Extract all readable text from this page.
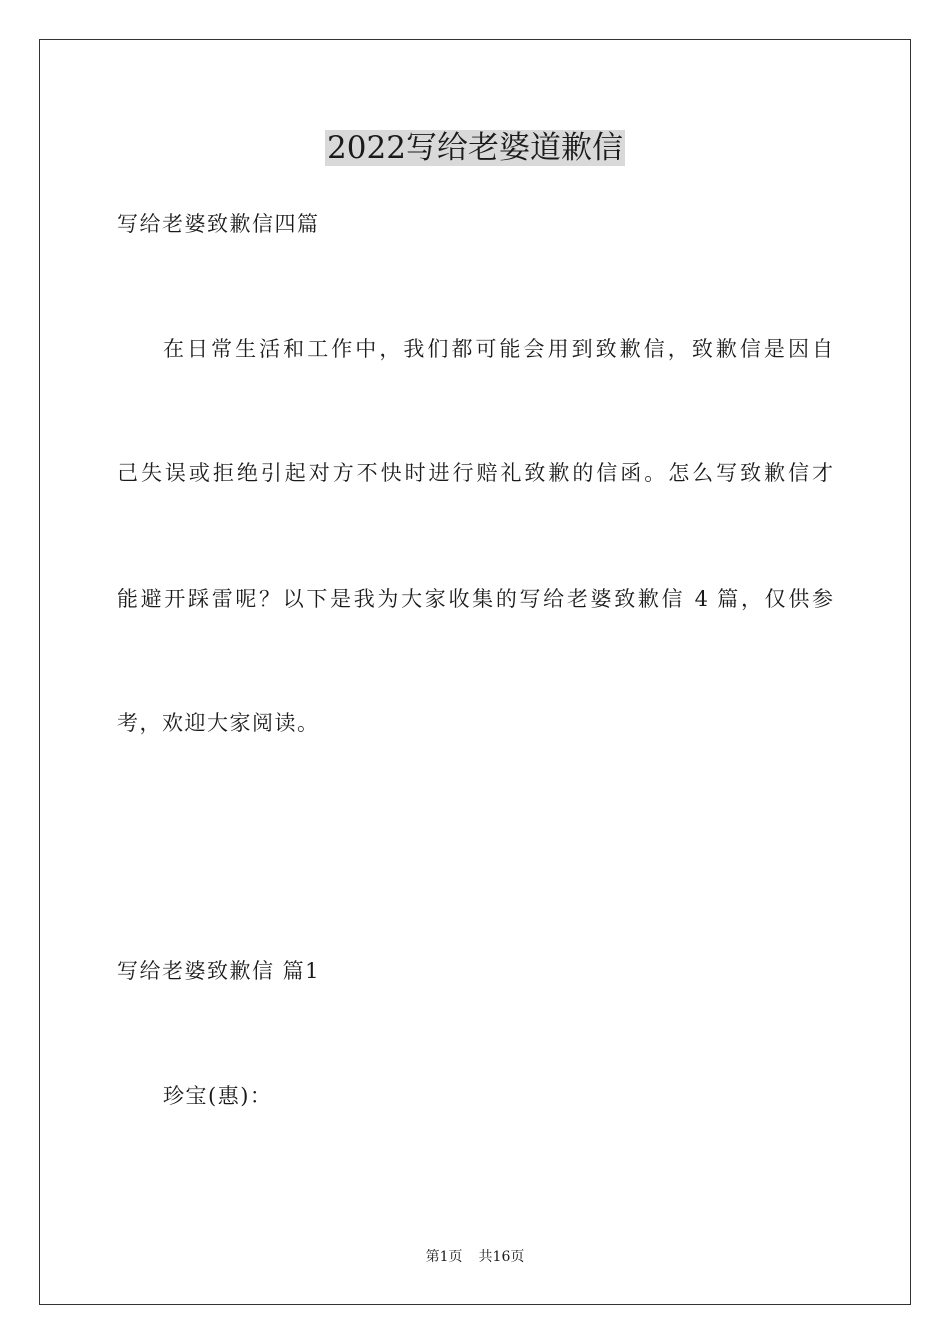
2022写给老婆道歉信
写给老婆致歉信四篇
在日常生活和工作中，我们都可能会用到致歉信，致歉信是因自
己失误或拒绝引起对方不快时进行赔礼致歉的信函。怎么写致歉信才
能避开踩雷呢？以下是我为大家收集的写给老婆致歉信 4 篇，仅供参
考，欢迎大家阅读。
写给老婆致歉信 篇1
珍宝(惠)：
第1页 共16页
